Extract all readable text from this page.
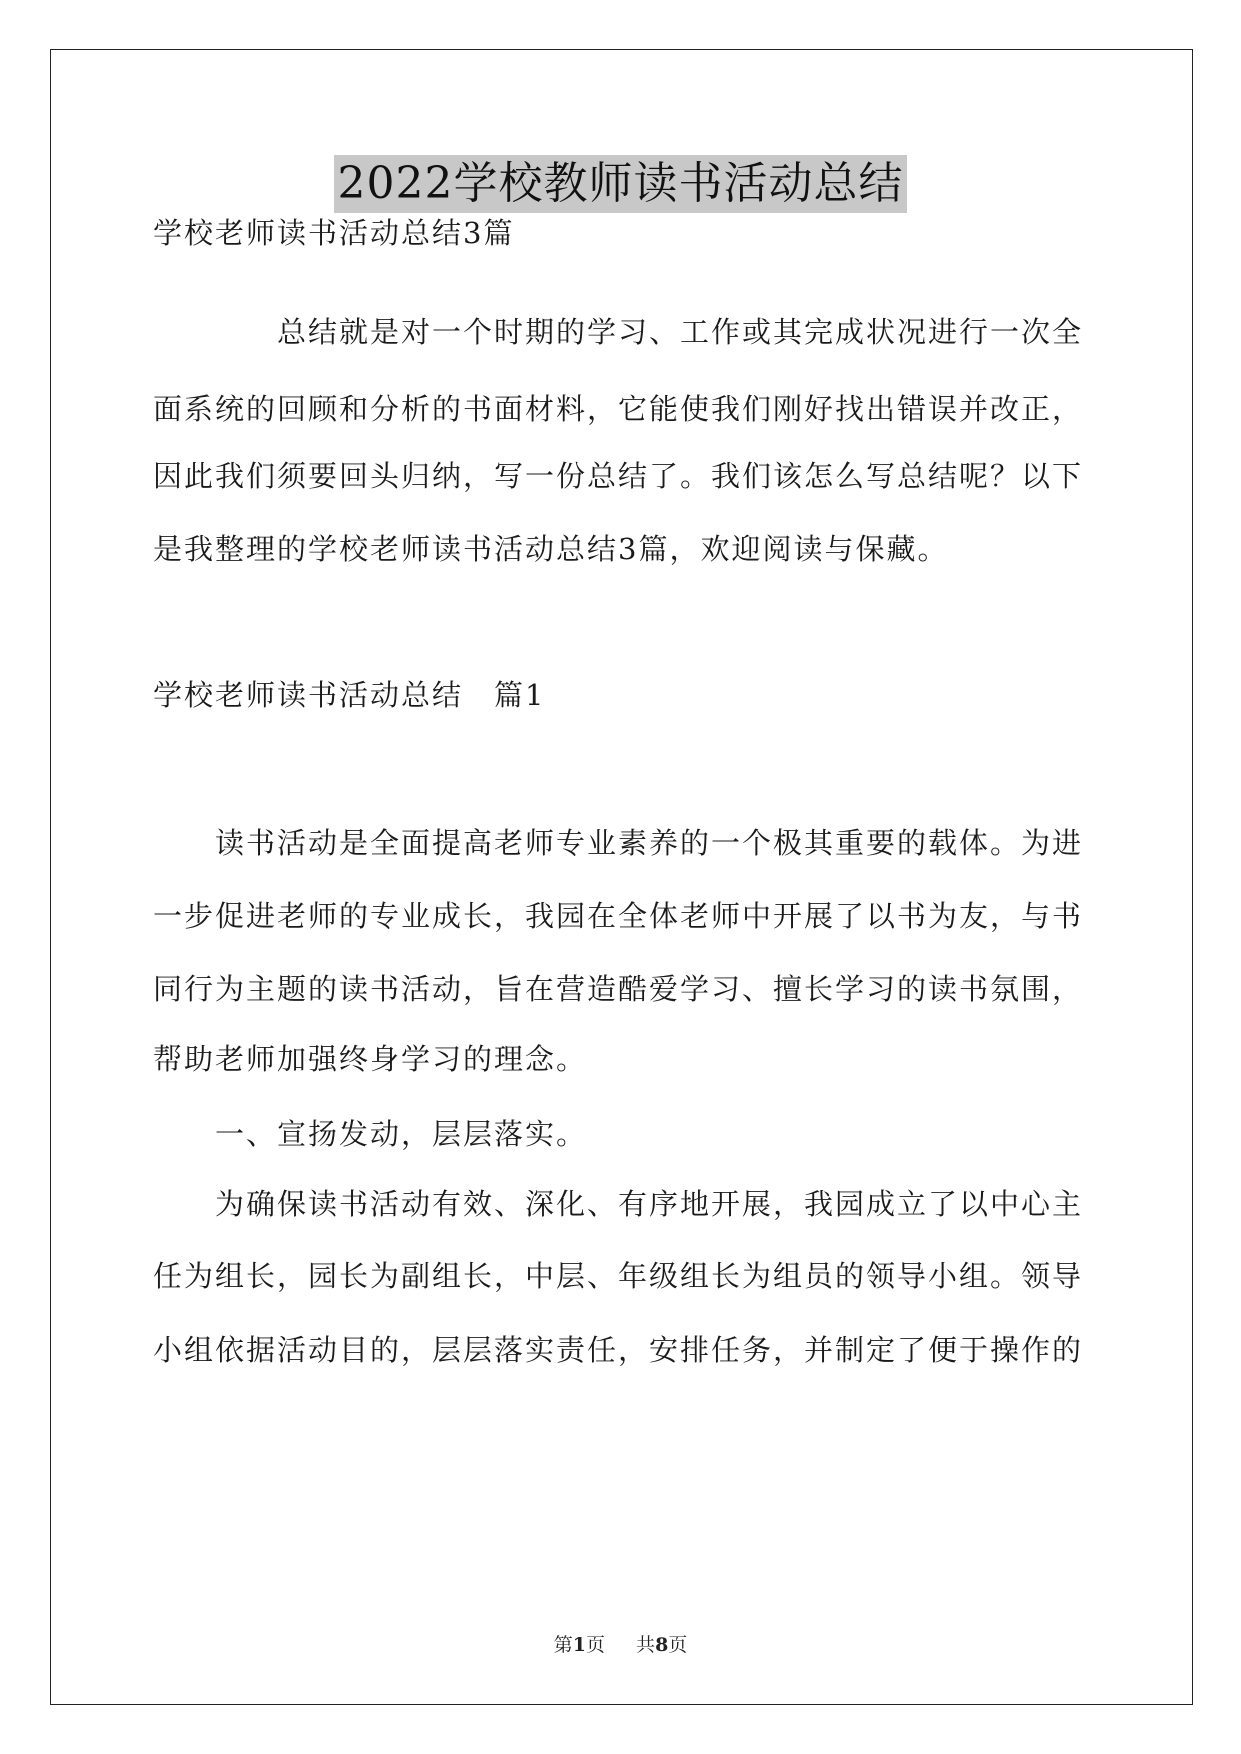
2022学校教师读书活动总结
学校老师读书活动总结3篇
　　　　总结就是对一个时期的学习、工作或其完成状况进行一次全
面系统的回顾和分析的书面材料，它能使我们刚好找出错误并改正，
因此我们须要回头归纳，写一份总结了。我们该怎么写总结呢？以下
是我整理的学校老师读书活动总结3篇，欢迎阅读与保藏。
学校老师读书活动总结　篇1
　　读书活动是全面提高老师专业素养的一个极其重要的载体。为进
一步促进老师的专业成长，我园在全体老师中开展了以书为友，与书
同行为主题的读书活动，旨在营造酷爱学习、擅长学习的读书氛围，
帮助老师加强终身学习的理念。
　　一、宣扬发动，层层落实。
　　为确保读书活动有效、深化、有序地开展，我园成立了以中心主
任为组长，园长为副组长，中层、年级组长为组员的领导小组。领导
小组依据活动目的，层层落实责任，安排任务，并制定了便于操作的
第1页 　 共8页
